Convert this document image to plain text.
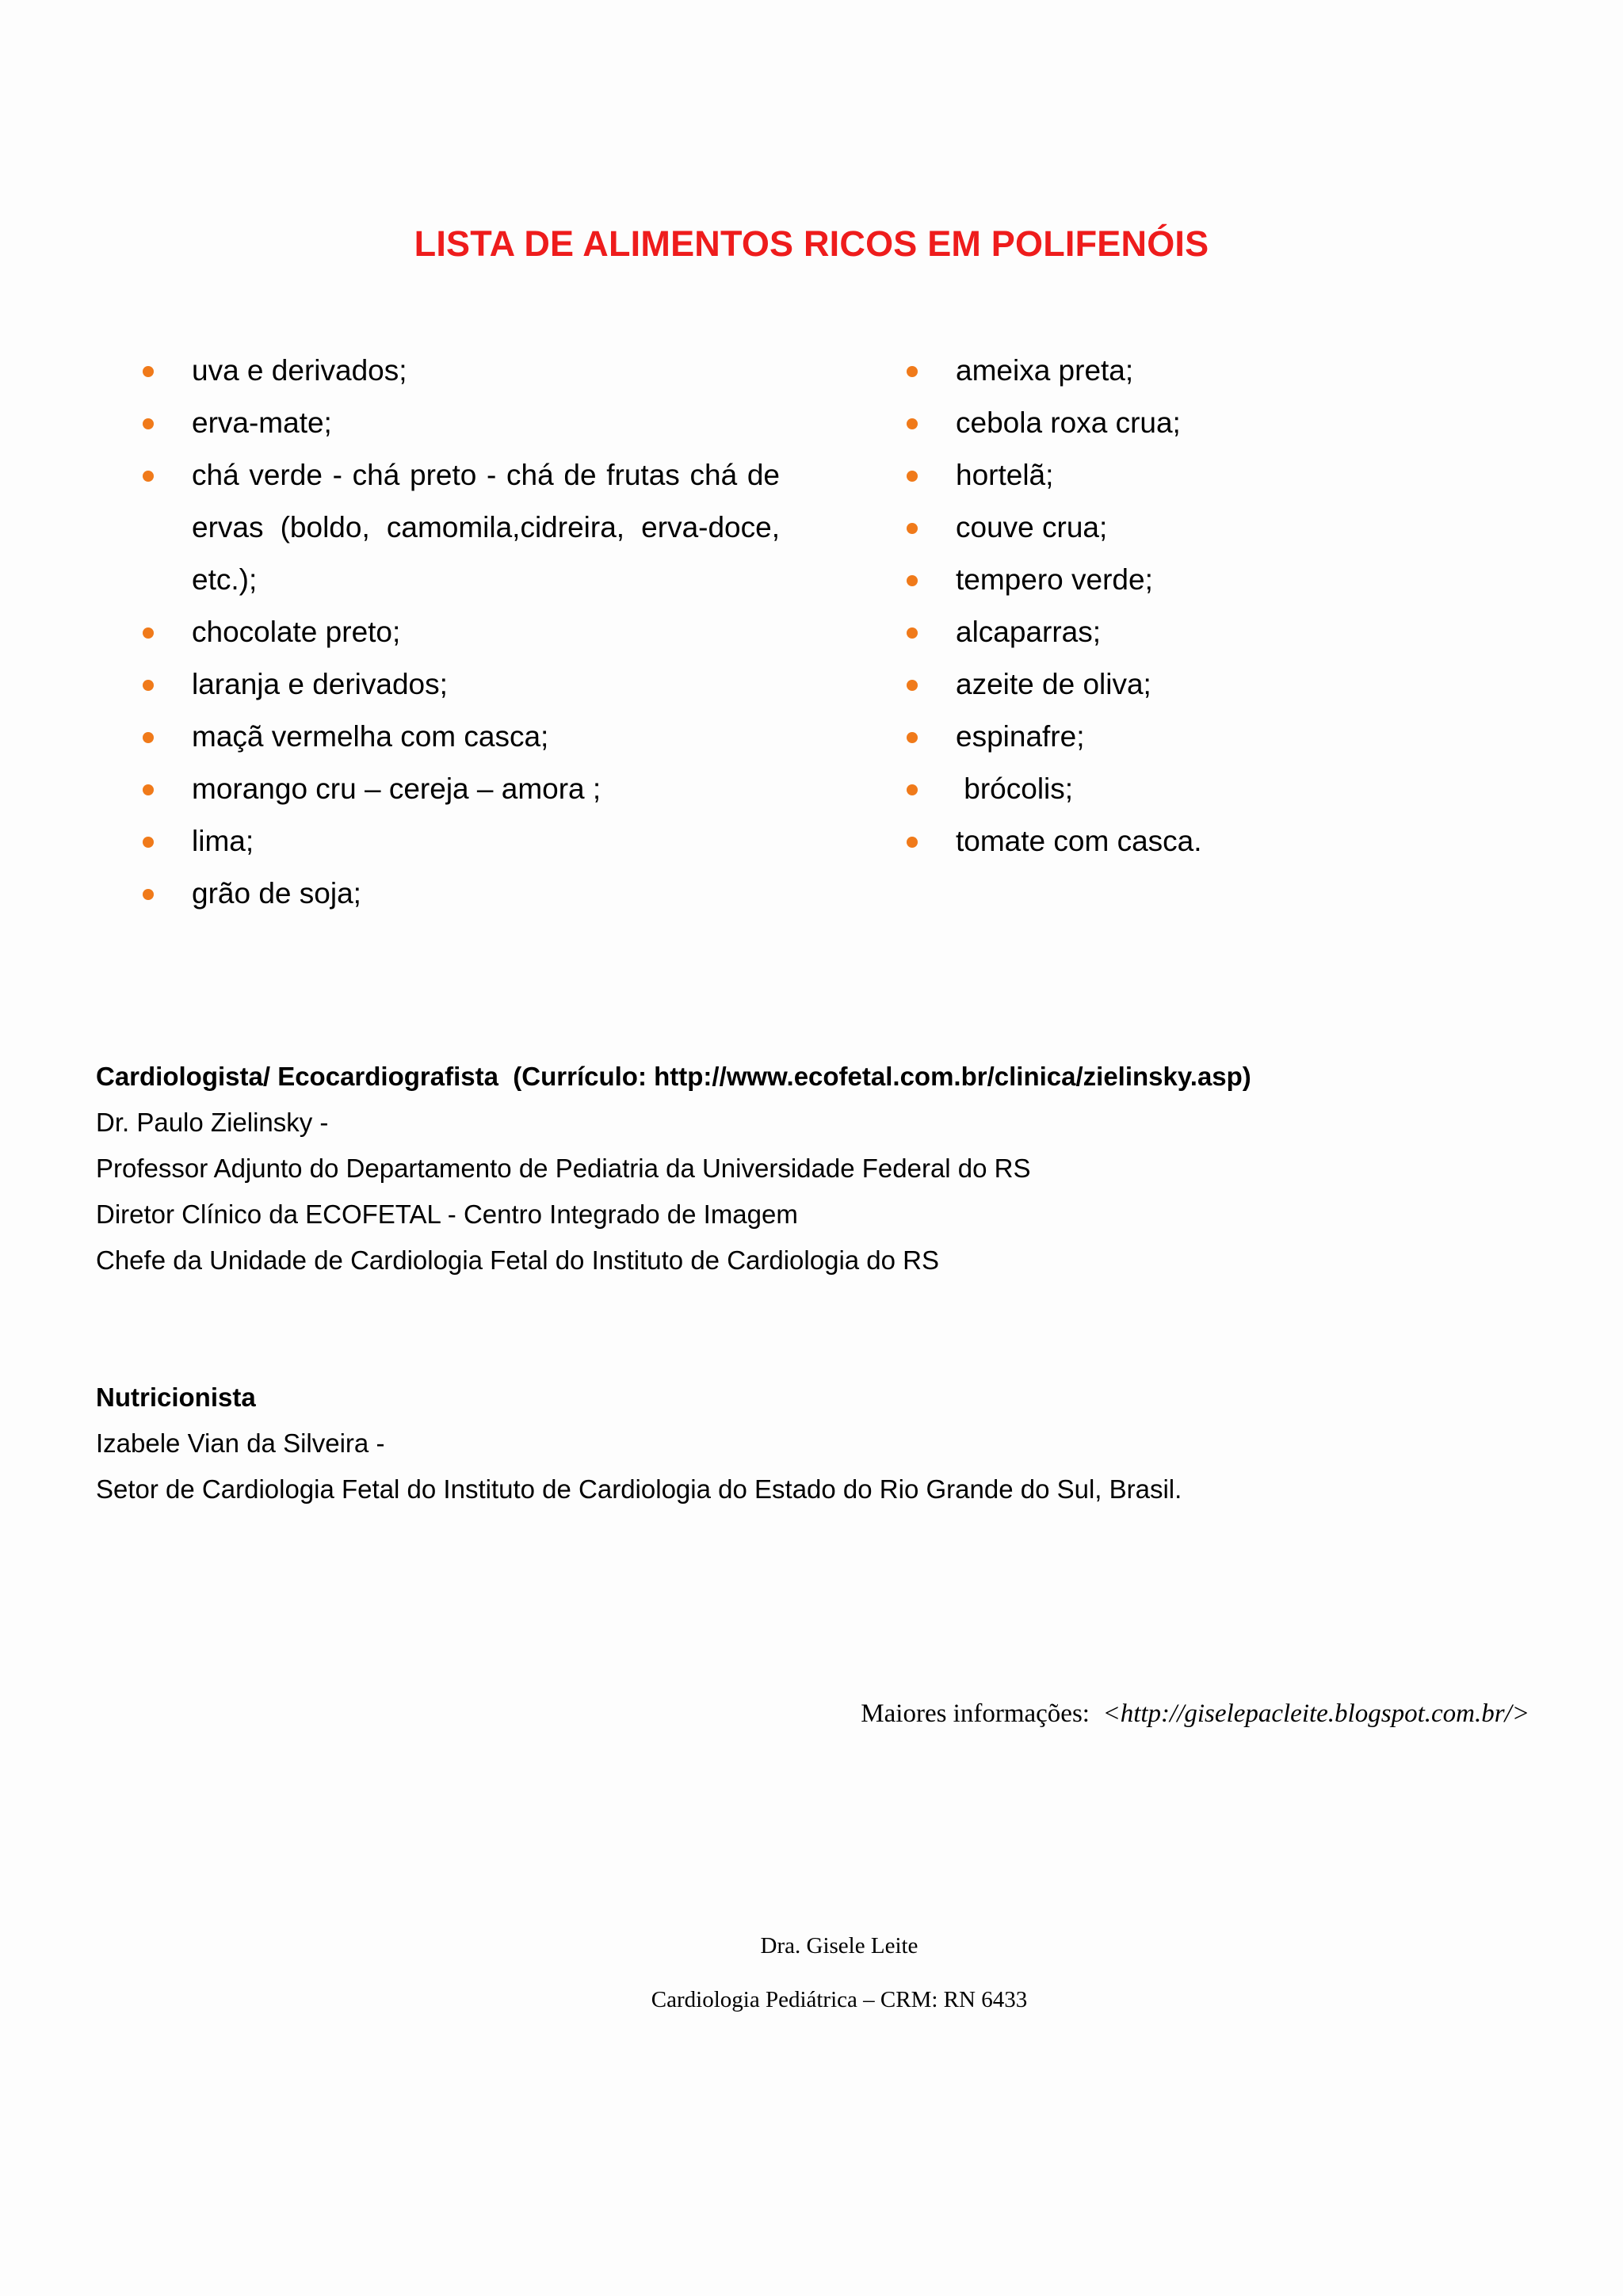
LISTA DE ALIMENTOS RICOS EM POLIFENÓIS
uva e derivados;
erva-mate;
chá verde - chá preto - chá de frutas chá de ervas (boldo, camomila,cidreira, erva-doce, etc.);
chocolate preto;
laranja e derivados;
maçã vermelha com casca;
morango cru – cereja – amora ;
lima;
grão de soja;
ameixa preta;
cebola roxa crua;
hortelã;
couve crua;
tempero verde;
alcaparras;
azeite de oliva;
espinafre;
brócolis;
tomate com casca.
Cardiologista/ Ecocardiografista  (Currículo: http://www.ecofetal.com.br/clinica/zielinsky.asp)
Dr. Paulo Zielinsky -
Professor Adjunto do Departamento de Pediatria da Universidade Federal do RS
Diretor Clínico da ECOFETAL - Centro Integrado de Imagem
Chefe da Unidade de Cardiologia Fetal do Instituto de Cardiologia do RS
Nutricionista
Izabele Vian da Silveira -
Setor de Cardiologia Fetal do Instituto de Cardiologia do Estado do Rio Grande do Sul, Brasil.
Maiores informações:  <http://giselepacleite.blogspot.com.br/>
Dra. Gisele Leite
Cardiologia Pediátrica – CRM: RN 6433
